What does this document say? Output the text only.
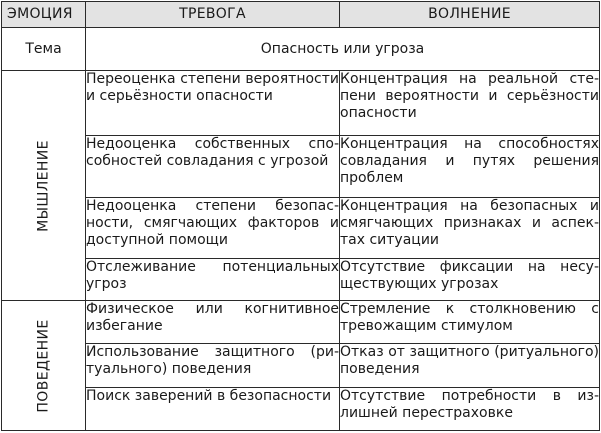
ЭМОЦИЯ	ТРЕВОГА	ВОЛНЕНИЕ
Тема	Опасность или угроза	

МЫШЛЕНИЕ	Переоценка степени вероятности и серьёзности опасности	Концентрация на реальной степени вероятности и серьёзности опасности
	Недооценка собственных способностей совладания с угрозой	Концентрация на способностях совладания и путях решения проблем
	Недооценка степени безопасности, смягчающих факторов и доступной помощи	Концентрация на безопасных и смягчающих признаках и аспектах ситуации
	Отслеживание потенциальных угроз	Отсутствие фиксации на несуществующих угрозах

ПОВЕДЕНИЕ	Физическое или когнитивное избегание	Стремление к столкновению с тревожащим стимулом
	Использование защитного (ритуального) поведения	Отказ от защитного (ритуального) поведения
	Поиск заверений в безопасности	Отсутствие потребности в излишней перестраховке
